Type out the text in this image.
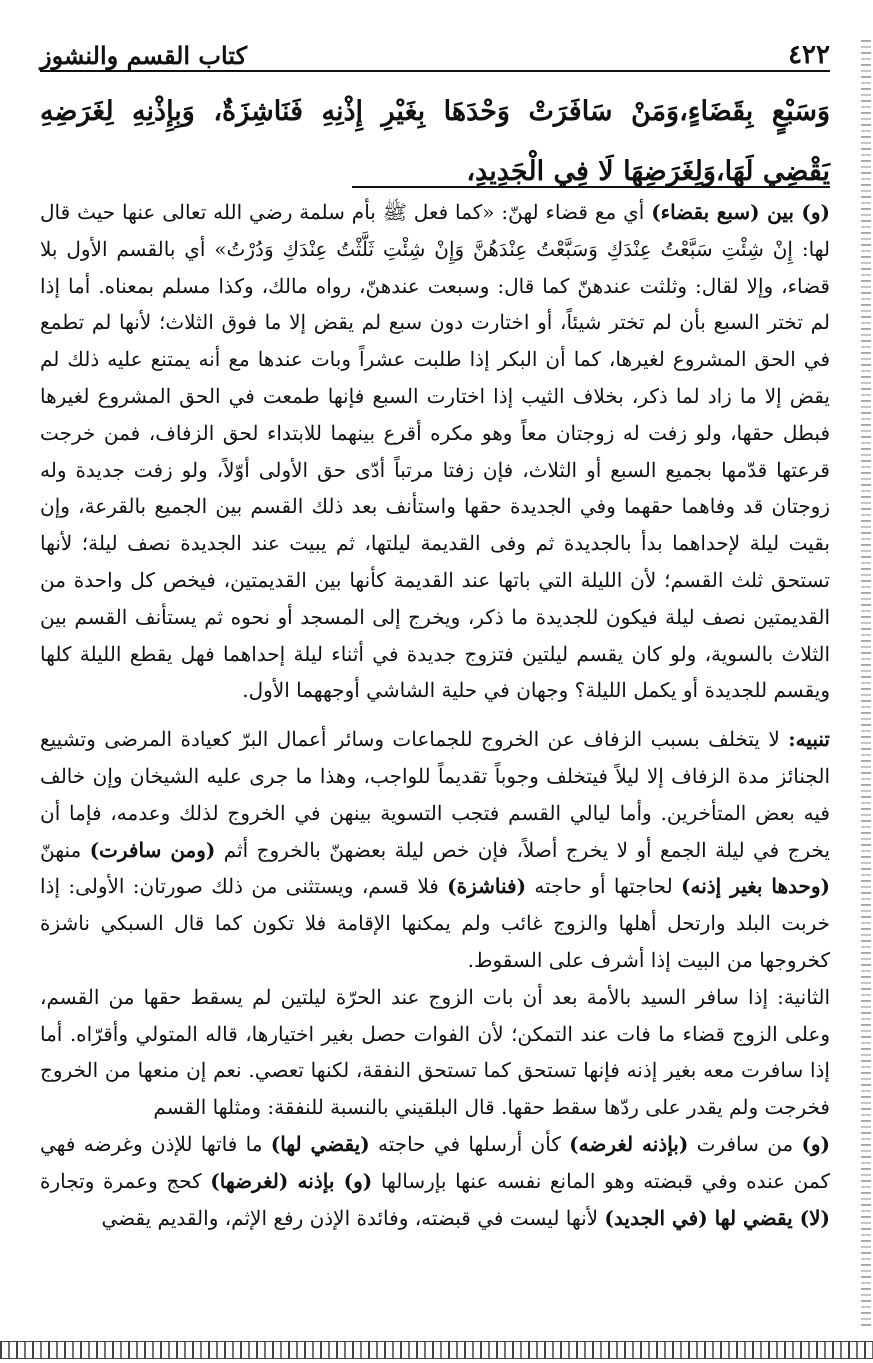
٤٢٢
كتاب القسم والنشوز
وَسَبْعٍ بِقَضَاءٍ،وَمَنْ سَافَرَتْ وَحْدَهَا بِغَيْرِ إِذْنِهِ فَنَاشِزَةٌ، وَبِإِذْنِهِ لِغَرَضِهِ يَقْضِي لَهَا،وَلِغَرَضِهَا لَا فِي الْجَدِيدِ،

(و) بين (سبع بقضاء) أي مع قضاء لهنّ: «كما فعل ﷺ بأم سلمة رضي الله تعالى عنها حيث قال لها: إِنْ شِئْتِ سَبَّعْتُ عِنْدَكِ وَسَبَّعْتُ عِنْدَهُنَّ وَإِنْ شِئْتِ ثَلَّثْتُ عِنْدَكِ وَدُرْتُ» أي بالقسم الأول بلا قضاء، وإلا لقال: وثلثت عندهنّ كما قال: وسبعت عندهنّ، رواه مالك، وكذا مسلم بمعناه. أما إذا لم تختر السبع بأن لم تختر شيئاً، أو اختارت دون سبع لم يقض إلا ما فوق الثلاث؛ لأنها لم تطمع في الحق المشروع لغيرها، كما أن البكر إذا طلبت عشراً وبات عندها مع أنه يمتنع عليه ذلك لم يقض إلا ما زاد لما ذكر، بخلاف الثيب إذا اختارت السبع فإنها طمعت في الحق المشروع لغيرها فبطل حقها، ولو زفت له زوجتان معاً وهو مكره أقرع بينهما للابتداء لحق الزفاف، فمن خرجت قرعتها قدّمها بجميع السبع أو الثلاث، فإن زفتا مرتباً أدّى حق الأولى أوّلاً، ولو زفت جديدة وله زوجتان قد وفاهما حقهما وفي الجديدة حقها واستأنف بعد ذلك القسم بين الجميع بالقرعة، وإن بقيت ليلة لإحداهما بدأ بالجديدة ثم وفى القديمة ليلتها، ثم يبيت عند الجديدة نصف ليلة؛ لأنها تستحق ثلث القسم؛ لأن الليلة التي باتها عند القديمة كأنها بين القديمتين، فيخص كل واحدة من القديمتين نصف ليلة فيكون للجديدة ما ذكر، ويخرج إلى المسجد أو نحوه ثم يستأنف القسم بين الثلاث بالسوية، ولو كان يقسم ليلتين فتزوج جديدة في أثناء ليلة إحداهما فهل يقطع الليلة كلها ويقسم للجديدة أو يكمل الليلة؟ وجهان في حلية الشاشي أوجههما الأول.

تنبيه: لا يتخلف بسبب الزفاف عن الخروج للجماعات وسائر أعمال البرّ كعيادة المرضى وتشييع الجنائز مدة الزفاف إلا ليلاً فيتخلف وجوباً تقديماً للواجب، وهذا ما جرى عليه الشيخان وإن خالف فيه بعض المتأخرين. وأما ليالي القسم فتجب التسوية بينهن في الخروج لذلك وعدمه، فإما أن يخرج في ليلة الجمع أو لا يخرج أصلاً، فإن خص ليلة بعضهنّ بالخروج أثم (ومن سافرت) منهنّ (وحدها بغير إذنه) لحاجتها أو حاجته (فناشزة) فلا قسم، ويستثنى من ذلك صورتان: الأولى: إذا خربت البلد وارتحل أهلها والزوج غائب ولم يمكنها الإقامة فلا تكون كما قال السبكي ناشزة كخروجها من البيت إذا أشرف على السقوط.

الثانية: إذا سافر السيد بالأمة بعد أن بات الزوج عند الحرّة ليلتين لم يسقط حقها من القسم، وعلى الزوج قضاء ما فات عند التمكن؛ لأن الفوات حصل بغير اختيارها، قاله المتولي وأقرّاه. أما إذا سافرت معه بغير إذنه فإنها تستحق كما تستحق النفقة، لكنها تعصي. نعم إن منعها من الخروج فخرجت ولم يقدر على ردّها سقط حقها. قال البلقيني بالنسبة للنفقة: ومثلها القسم

(و) من سافرت (بإذنه لغرضه) كأن أرسلها في حاجته (يقضي لها) ما فاتها للإذن وغرضه فهي كمن عنده وفي قبضته وهو المانع نفسه عنها بإرسالها (و) بإذنه (لغرضها) كحج وعمرة وتجارة (لا) يقضي لها (في الجديد) لأنها ليست في قبضته، وفائدة الإذن رفع الإثم، والقديم يقضي
